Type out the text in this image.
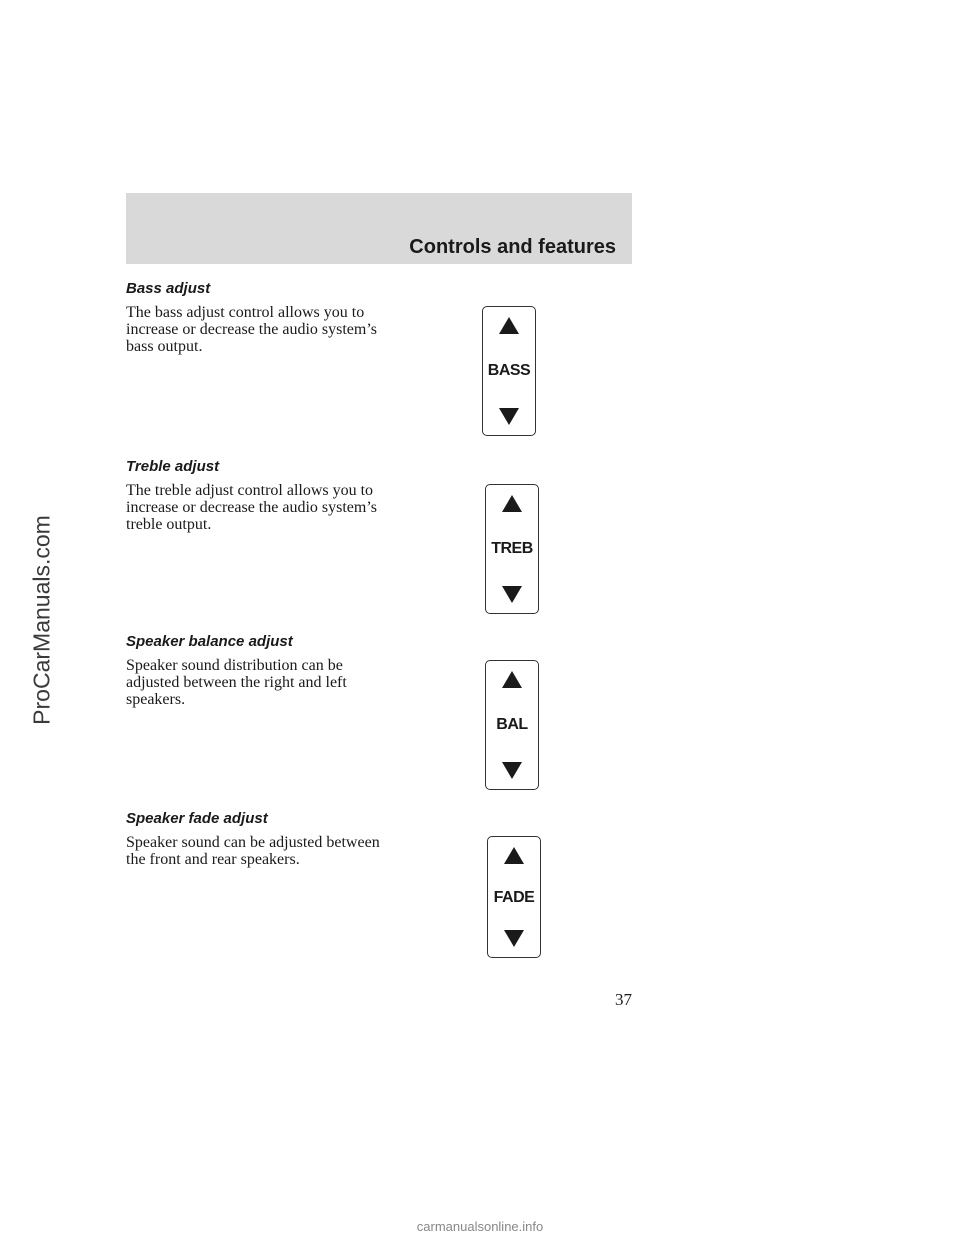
ProCarManuals.com
Controls and features
Bass adjust

The bass adjust control allows you to increase or decrease the audio system’s bass output.

BASS
Treble adjust

The treble adjust control allows you to increase or decrease the audio system’s treble output.

TREB
Speaker balance adjust

Speaker sound distribution can be adjusted between the right and left speakers.

BAL
Speaker fade adjust

Speaker sound can be adjusted between the front and rear speakers.

FADE
37
carmanualsonline.info
